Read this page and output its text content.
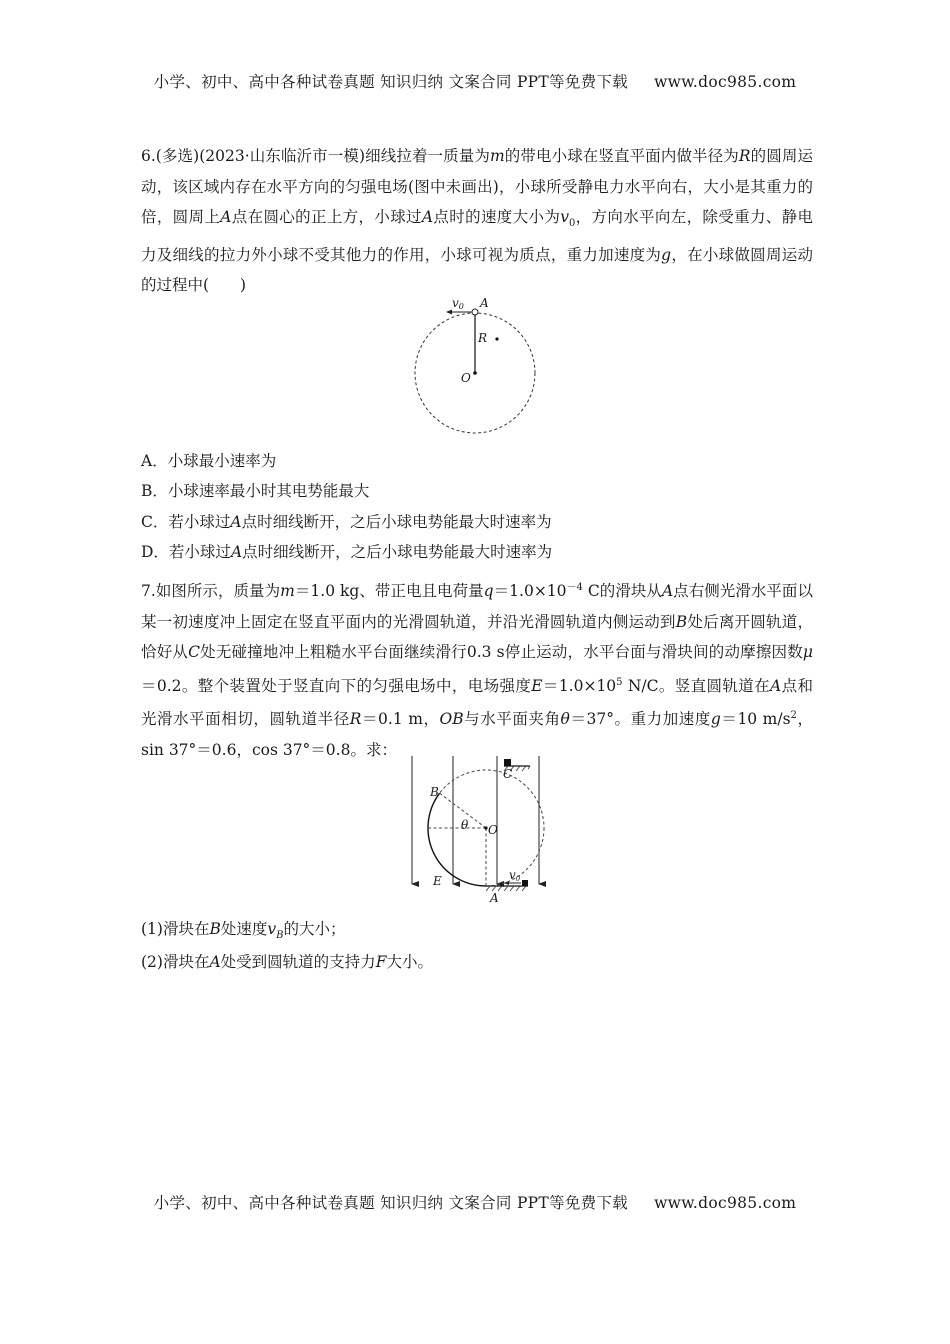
小学、初中、高中各种试卷真题 知识归纳 文案合同 PPT等免费下载 www.doc985.com
6.(多选)(2023·山东临沂市一模)细线拉着一质量为m的带电小球在竖直平面内做半径为R的圆周运动，该区域内存在水平方向的匀强电场(图中未画出)，小球所受静电力水平向右，大小是其重力的倍，圆周上A点在圆心的正上方，小球过A点时的速度大小为$v_0$，方向水平向左，除受重力、静电力及细线的拉力外小球不受其他力的作用，小球可视为质点，重力加速度为g，在小球做圆周运动的过程中(　　)
v0 A
R
O
A．小球最小速率为
B．小球速率最小时其电势能最大
C．若小球过A点时细线断开，之后小球电势能最大时速率为
D．若小球过A点时细线断开，之后小球电势能最大时速率为
7.如图所示，质量为m＝1.0 kg、带正电且电荷量$q=1.0\times 10^{-4}$ C的滑块从A点右侧光滑水平面以某一初速度冲上固定在竖直平面内的光滑圆轨道，并沿光滑圆轨道内侧运动到B处后离开圆轨道，恰好从C处无碰撞地冲上粗糙水平台面继续滑行0.3 s停止运动，水平台面与滑块间的动摩擦因数μ＝0.2。整个装置处于竖直向下的匀强电场中，电场强度$E=1.0\times 10^5$ N/C。竖直圆轨道在A点和光滑水平面相切，圆轨道半径R＝0.1 m，OB与水平面夹角θ＝37°。重力加速度g＝10 $m/s^2$，sin 37°＝0.6，cos 37°＝0.8。求：
B
C
θ O
E	v0
A
(1)滑块在B处速度$v_B$的大小；
(2)滑块在A处受到圆轨道的支持力F大小。
小学、初中、高中各种试卷真题 知识归纳 文案合同 PPT等免费下载 www.doc985.com
